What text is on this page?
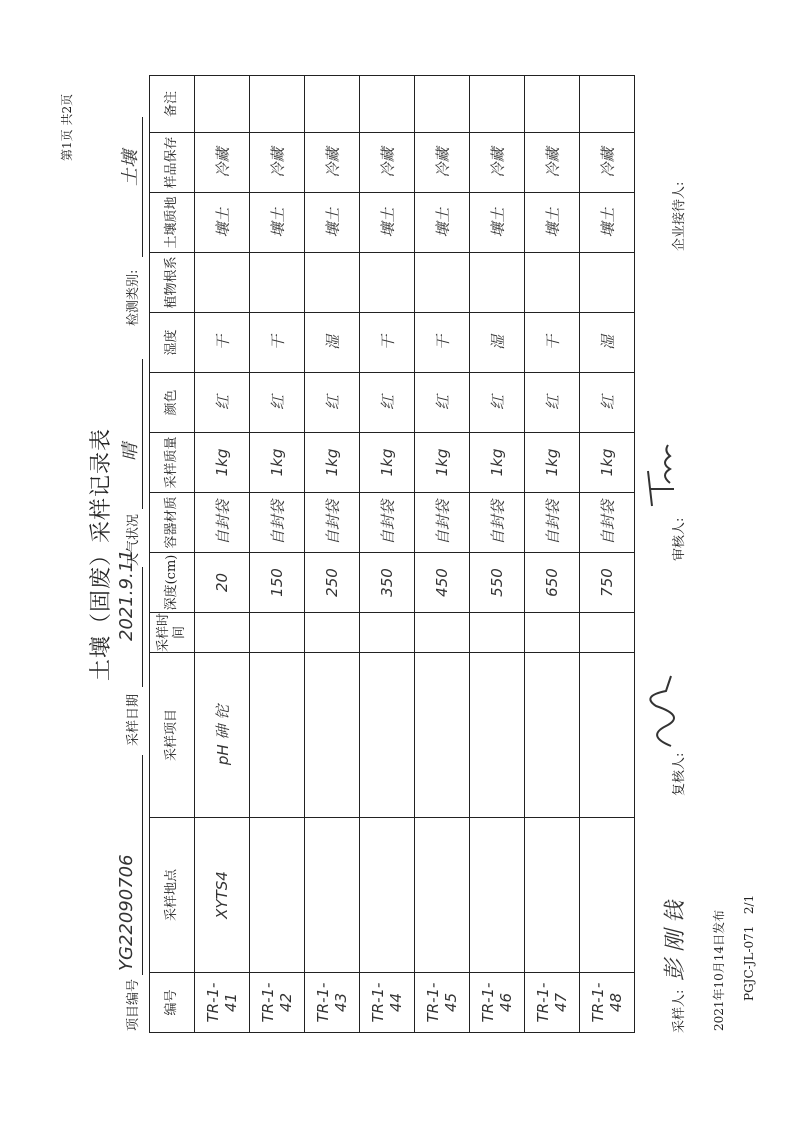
第1页 共2页
土壤（固废）采样记录表
项目编号
YG22090706
采样日期
2021.9.11
天气状况
晴
检测类别:
土壤
编号	采样地点	采样项目	采样时间	深度(cm)	容器材质	采样质量	颜色	湿度	植物根系	土壤质地	样品保存	备注
TR-1-41	XYTS4	pH 砷 铊		20	自封袋	1kg	红	干		壤土	冷藏	
TR-1-42				150	自封袋	1kg	红	干		壤土	冷藏	
TR-1-43				250	自封袋	1kg	红	湿		壤土	冷藏	
TR-1-44				350	自封袋	1kg	红	干		壤土	冷藏	
TR-1-45				450	自封袋	1kg	红	干		壤土	冷藏	
TR-1-46				550	自封袋	1kg	红	湿		壤土	冷藏	
TR-1-47				650	自封袋	1kg	红	干		壤土	冷藏	
TR-1-48				750	自封袋	1kg	红	湿		壤土	冷藏	
采样人:
彭 刚 钱
复核人:
审核人:
企业接待人:
PGJC-JL-071   2/1
2021年10月14日发布
